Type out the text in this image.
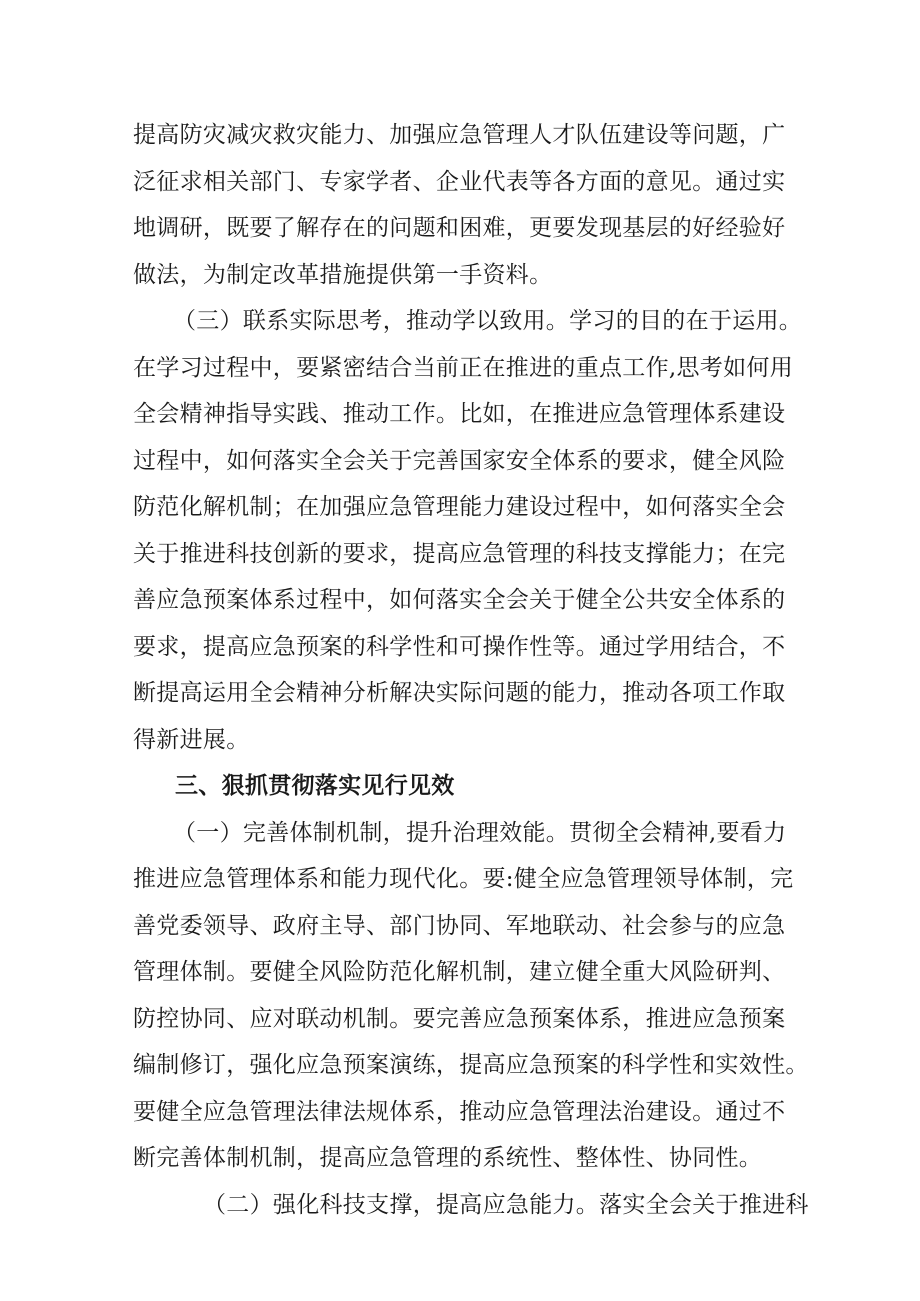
提高防灾减灾救灾能力、加强应急管理人才队伍建设等问题，广
泛征求相关部门、专家学者、企业代表等各方面的意见。通过实
地调研，既要了解存在的问题和困难，更要发现基层的好经验好
做法，为制定改革措施提供第一手资料。
（三）联系实际思考，推动学以致用。学习的目的在于运用。
在学习过程中，要紧密结合当前正在推进的重点工作,思考如何用
全会精神指导实践、推动工作。比如，在推进应急管理体系建设
过程中，如何落实全会关于完善国家安全体系的要求，健全风险
防范化解机制；在加强应急管理能力建设过程中，如何落实全会
关于推进科技创新的要求，提高应急管理的科技支撑能力；在完
善应急预案体系过程中，如何落实全会关于健全公共安全体系的
要求，提高应急预案的科学性和可操作性等。通过学用结合，不
断提高运用全会精神分析解决实际问题的能力，推动各项工作取
得新进展。
三、狠抓贯彻落实见行见效
（一）完善体制机制，提升治理效能。贯彻全会精神,要看力
推进应急管理体系和能力现代化。要:健全应急管理领导体制，完
善党委领导、政府主导、部门协同、军地联动、社会参与的应急
管理体制。要健全风险防范化解机制，建立健全重大风险研判、
防控协同、应对联动机制。要完善应急预案体系，推进应急预案
编制修订，强化应急预案演练，提高应急预案的科学性和实效性。
要健全应急管理法律法规体系，推动应急管理法治建设。通过不
断完善体制机制，提高应急管理的系统性、整体性、协同性。
（二）强化科技支撑，提高应急能力。落实全会关于推进科
